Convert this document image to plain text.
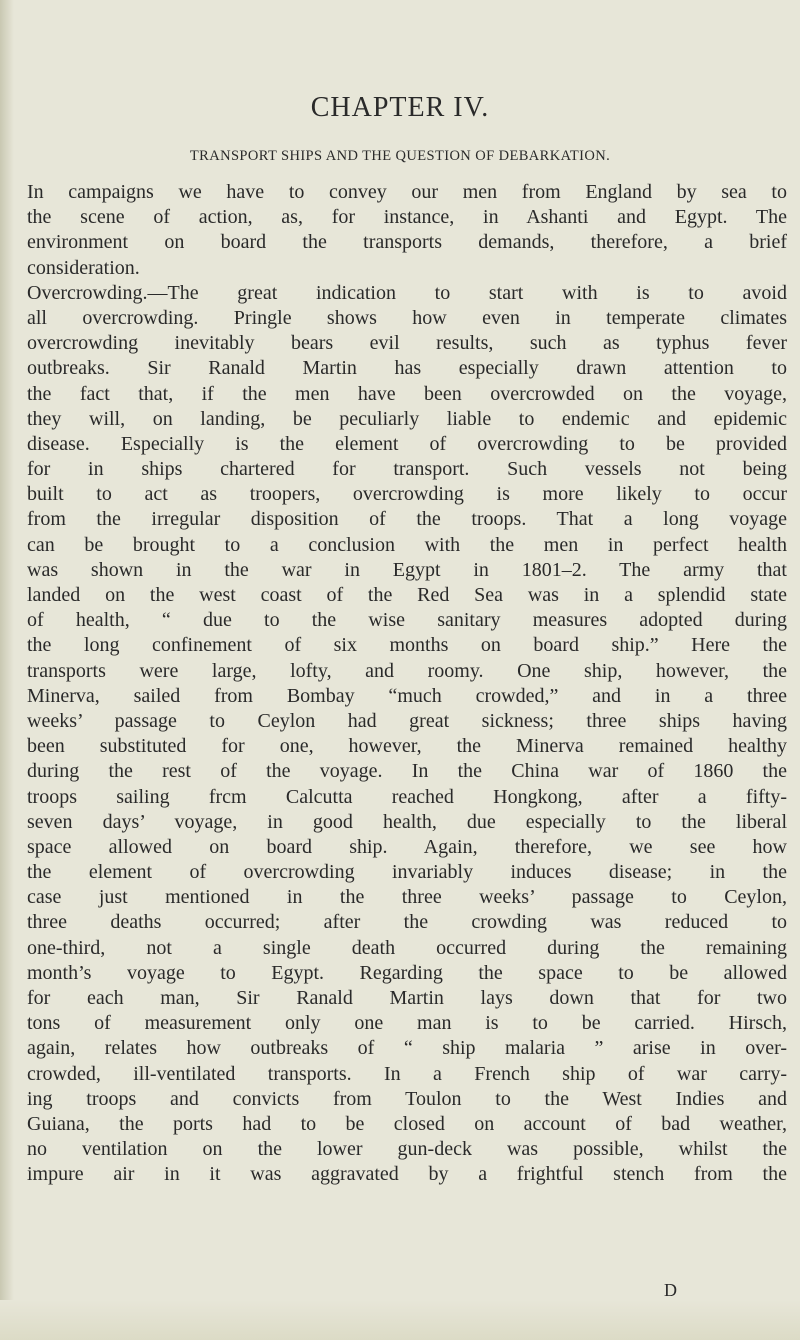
CHAPTER IV.
TRANSPORT SHIPS AND THE QUESTION OF DEBARKATION.
In campaigns we have to convey our men from England by sea to
the scene of action, as, for instance, in Ashanti and Egypt. The
environment on board the transports demands, therefore, a brief
consideration.
Overcrowding.—The great indication to start with is to avoid
all overcrowding. Pringle shows how even in temperate climates
overcrowding inevitably bears evil results, such as typhus fever
outbreaks. Sir Ranald Martin has especially drawn attention to
the fact that, if the men have been overcrowded on the voyage,
they will, on landing, be peculiarly liable to endemic and epidemic
disease. Especially is the element of overcrowding to be provided
for in ships chartered for transport. Such vessels not being
built to act as troopers, overcrowding is more likely to occur
from the irregular disposition of the troops. That a long voyage
can be brought to a conclusion with the men in perfect health
was shown in the war in Egypt in 1801–2. The army that
landed on the west coast of the Red Sea was in a splendid state
of health, “ due to the wise sanitary measures adopted during
the long confinement of six months on board ship.” Here the
transports were large, lofty, and roomy. One ship, however, the
Minerva, sailed from Bombay “much crowded,” and in a three
weeks’ passage to Ceylon had great sickness; three ships having
been substituted for one, however, the Minerva remained healthy
during the rest of the voyage. In the China war of 1860 the
troops sailing frcm Calcutta reached Hongkong, after a fifty-
seven days’ voyage, in good health, due especially to the liberal
space allowed on board ship. Again, therefore, we see how
the element of overcrowding invariably induces disease; in the
case just mentioned in the three weeks’ passage to Ceylon,
three deaths occurred; after the crowding was reduced to
one-third, not a single death occurred during the remaining
month’s voyage to Egypt. Regarding the space to be allowed
for each man, Sir Ranald Martin lays down that for two
tons of measurement only one man is to be carried. Hirsch,
again, relates how outbreaks of “ ship malaria ” arise in over-
crowded, ill-ventilated transports. In a French ship of war carry-
ing troops and convicts from Toulon to the West Indies and
Guiana, the ports had to be closed on account of bad weather,
no ventilation on the lower gun-deck was possible, whilst the
impure air in it was aggravated by a frightful stench from the
D
